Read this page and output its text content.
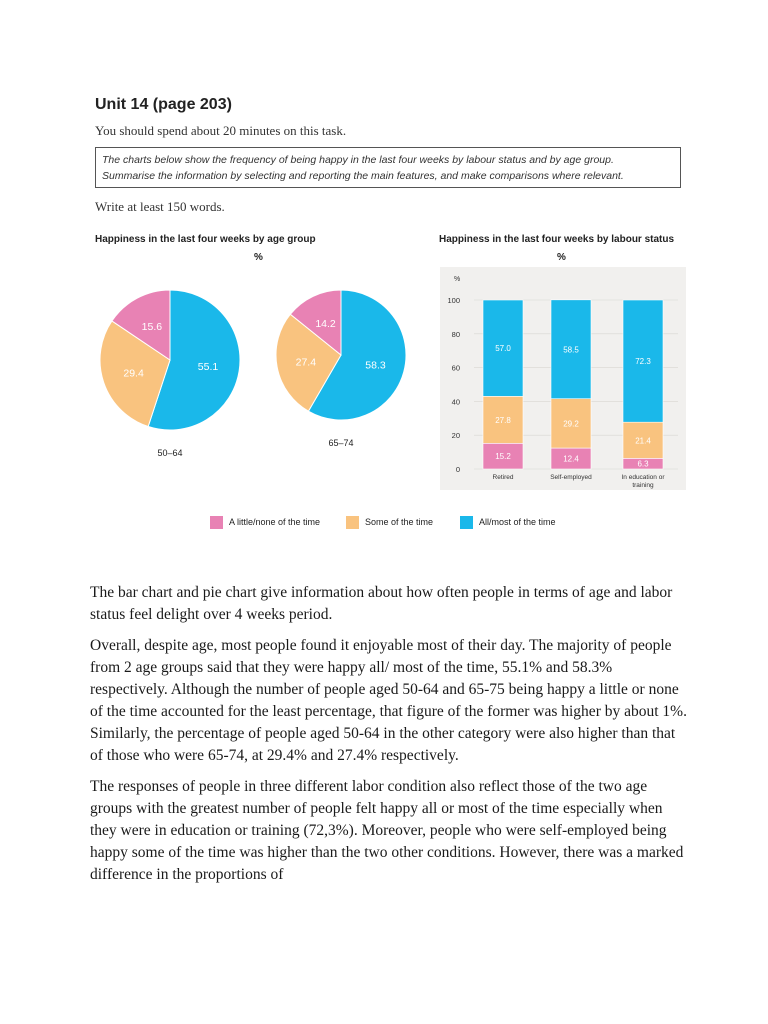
Unit 14 (page 203)
You should spend about 20 minutes on this task.
The charts below show the frequency of being happy in the last four weeks by labour status and by age group.
Summarise the information by selecting and reporting the main features, and make comparisons where relevant.
Write at least 150 words.
Happiness in the last four weeks by age group
%
Happiness in the last four weeks by labour status
%
55.1
29.4
15.6
50–64
58.3
27.4
14.2
65–74
%
0
20
40
60
80
100
15.2
27.8
57.0
Retired
12.4
29.2
58.5
Self-employed
6.3
21.4
72.3
In education or
training
A little/none of the time	Some of the time	All/most of the time

The bar chart and pie chart give information about how often people in terms of age and labor status feel delight over 4 weeks period.

Overall, despite age, most people found it enjoyable most of their day. The majority of people from 2 age groups said that they were happy all/ most of the time, 55.1% and 58.3% respectively. Although the number of people aged 50-64 and 65-75 being happy a little or none of the time accounted for the least percentage, that figure of the former was higher by about 1%. Similarly, the percentage of people aged 50-64 in the other category were also higher than that of those who were 65-74, at 29.4% and 27.4% respectively.

The responses of people in three different labor condition also reflect those of the two age groups with the greatest number of people felt happy all or most of the time especially when they were in education or training (72,3%). Moreover, people who were self-employed being happy some of the time was higher than the two other conditions. However, there was a marked difference in the proportions of
